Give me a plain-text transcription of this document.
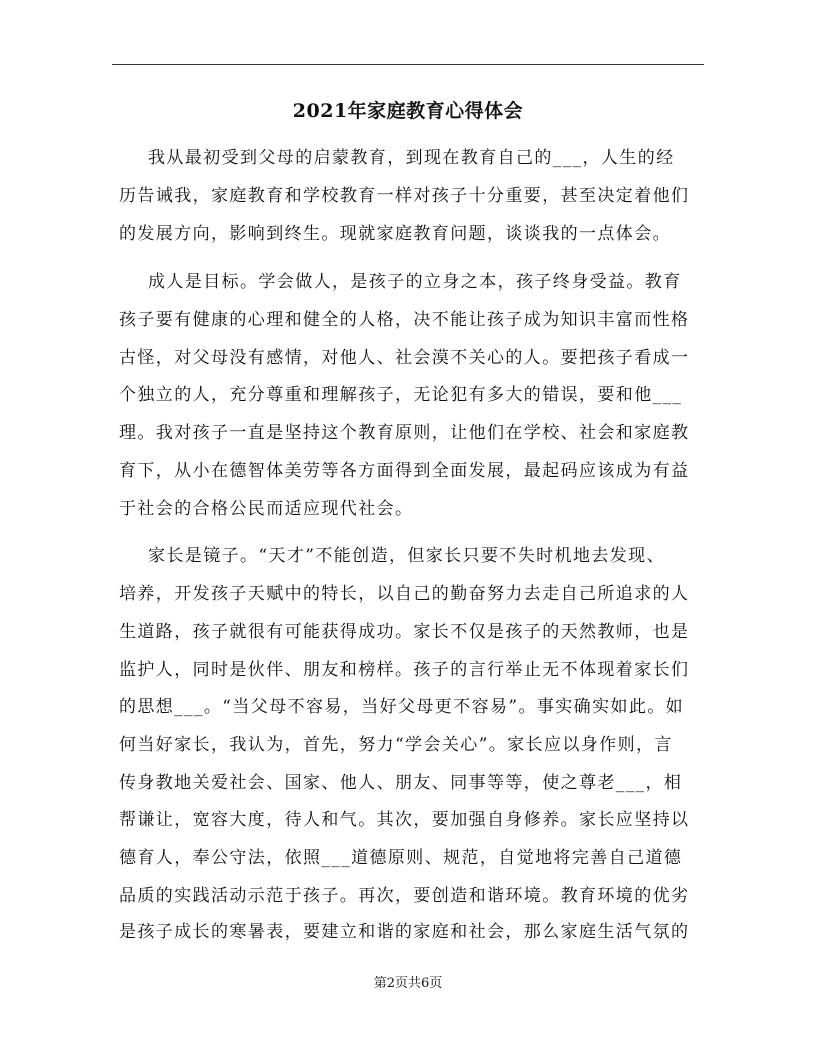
2021年家庭教育心得体会
我从最初受到父母的启蒙教育，到现在教育自己的___，人生的经
历告诫我，家庭教育和学校教育一样对孩子十分重要，甚至决定着他们
的发展方向，影响到终生。现就家庭教育问题，谈谈我的一点体会。
成人是目标。学会做人，是孩子的立身之本，孩子终身受益。教育
孩子要有健康的心理和健全的人格，决不能让孩子成为知识丰富而性格
古怪，对父母没有感情，对他人、社会漠不关心的人。要把孩子看成一
个独立的人，充分尊重和理解孩子，无论犯有多大的错误，要和他___
理。我对孩子一直是坚持这个教育原则，让他们在学校、社会和家庭教
育下，从小在德智体美劳等各方面得到全面发展，最起码应该成为有益
于社会的合格公民而适应现代社会。
家长是镜子。“天才”不能创造，但家长只要不失时机地去发现、
培养，开发孩子天赋中的特长，以自己的勤奋努力去走自己所追求的人
生道路，孩子就很有可能获得成功。家长不仅是孩子的天然教师，也是
监护人，同时是伙伴、朋友和榜样。孩子的言行举止无不体现着家长们
的思想___。“当父母不容易，当好父母更不容易”。事实确实如此。如
何当好家长，我认为，首先，努力“学会关心”。家长应以身作则，言
传身教地关爱社会、国家、他人、朋友、同事等等，使之尊老___，相
帮谦让，宽容大度，待人和气。其次，要加强自身修养。家长应坚持以
德育人，奉公守法，依照___道德原则、规范，自觉地将完善自己道德
品质的实践活动示范于孩子。再次，要创造和谐环境。教育环境的优劣
是孩子成长的寒暑表，要建立和谐的家庭和社会，那么家庭生活气氛的
第2页共6页
